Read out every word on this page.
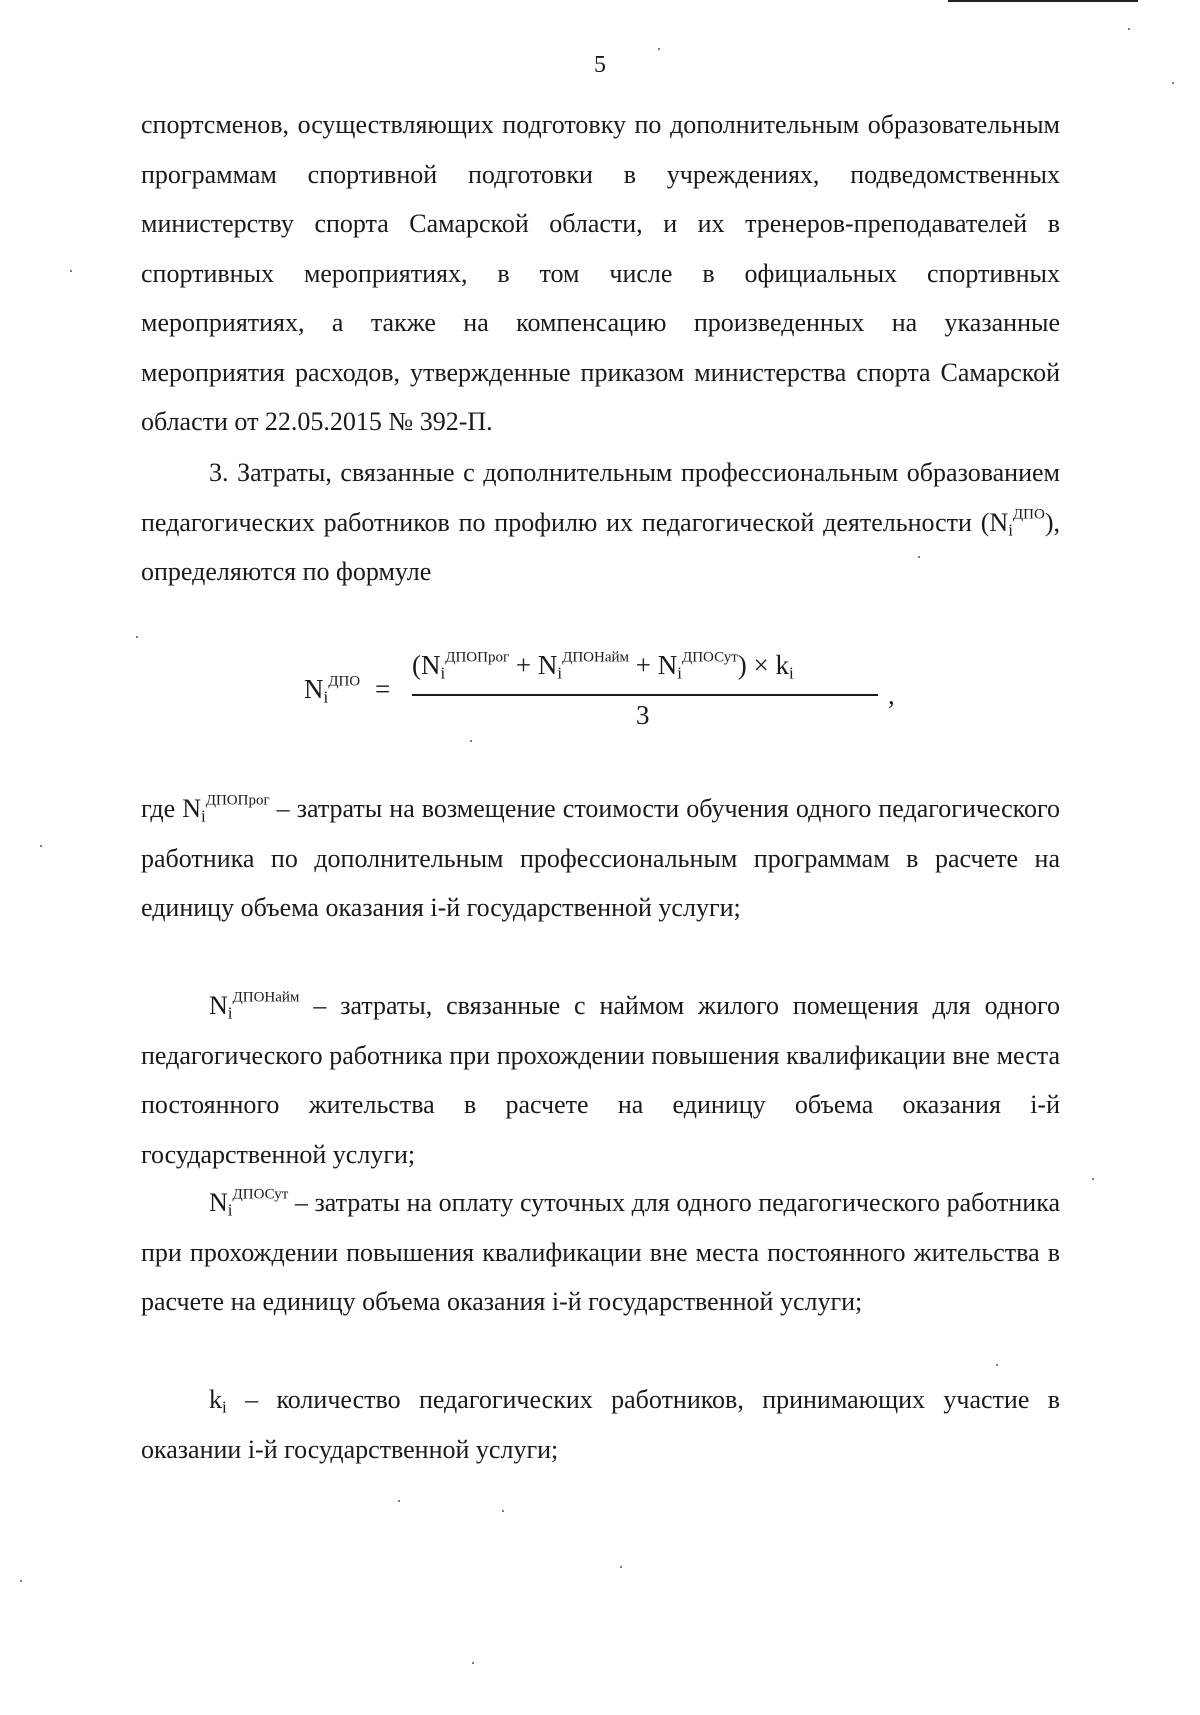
5
спортсменов, осуществляющих подготовку по дополнительным образовательным программам спортивной подготовки в учреждениях, подведомственных министерству спорта Самарской области, и их тренеров-преподавателей в спортивных мероприятиях, в том числе в официальных спортивных мероприятиях, а также на компенсацию произведенных на указанные мероприятия расходов, утвержденные приказом министерства спорта Самарской области от 22.05.2015 № 392-П.
3. Затраты, связанные с дополнительным профессиональным образованием педагогических работников по профилю их педагогической деятельности $(N_i^{ДПО})$, определяются по формуле
$N_i^{ДПО}$ =
$(N_i^{ДПОПрог} + N_i^{ДПОНайм} + N_i^{ДПОСут}) \times k_i$
3
,
где $N_i^{ДПОПрог}$ – затраты на возмещение стоимости обучения одного педагогического работника по дополнительным профессиональным программам в расчете на единицу объема оказания i-й государственной услуги;
$N_i^{ДПОНайм}$ – затраты, связанные с наймом жилого помещения для одного педагогического работника при прохождении повышения квалификации вне места постоянного жительства в расчете на единицу объема оказания i-й государственной услуги;
$N_i^{ДПОСут}$ – затраты на оплату суточных для одного педагогического работника при прохождении повышения квалификации вне места постоянного жительства в расчете на единицу объема оказания i-й государственной услуги;
$k_i$ – количество педагогических работников, принимающих участие в оказании i-й государственной услуги;
